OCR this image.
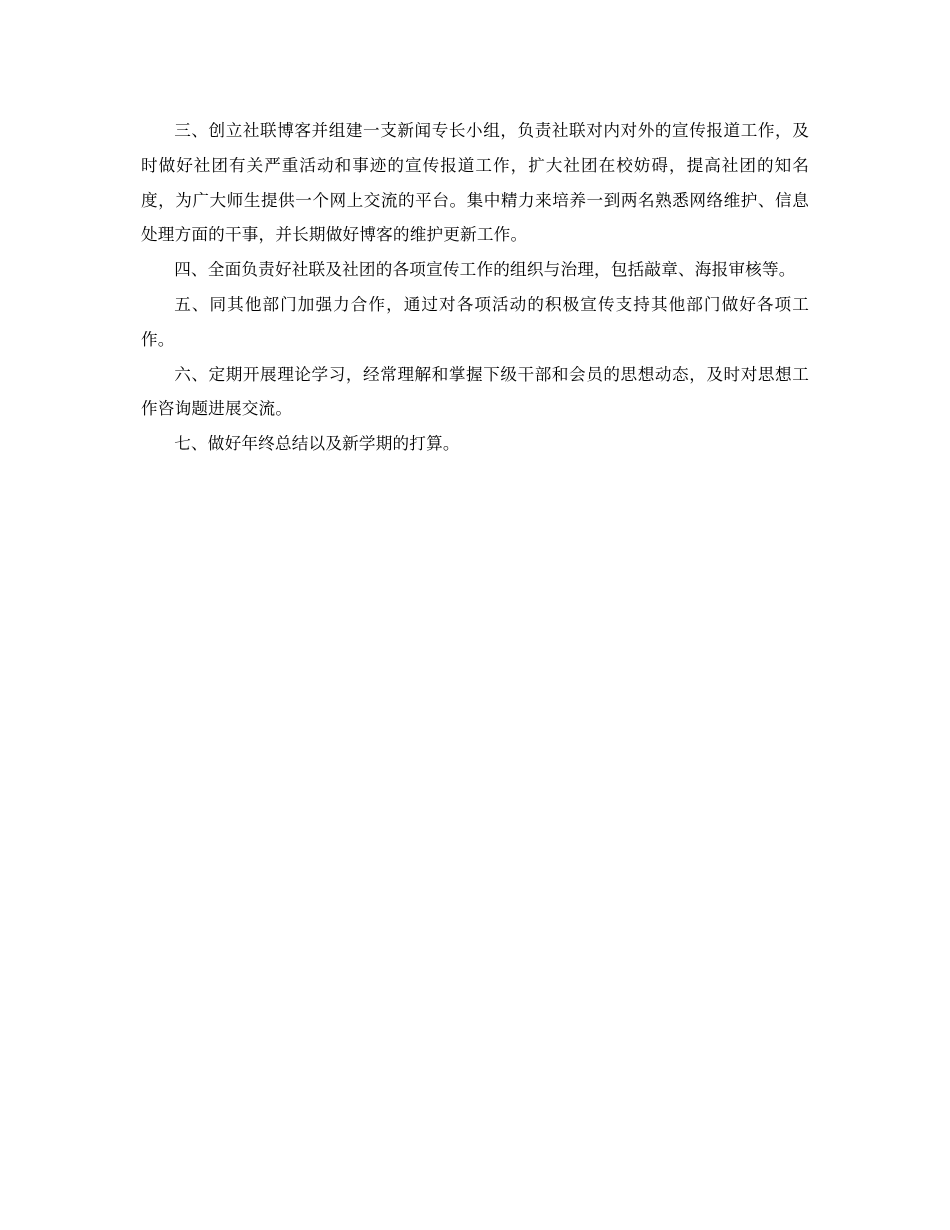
三、创立社联博客并组建一支新闻专长小组，负责社联对内对外的宣传报道工作，及时做好社团有关严重活动和事迹的宣传报道工作，扩大社团在校妨碍，提高社团的知名度，为广大师生提供一个网上交流的平台。集中精力来培养一到两名熟悉网络维护、信息处理方面的干事，并长期做好博客的维护更新工作。

四、全面负责好社联及社团的各项宣传工作的组织与治理，包括敲章、海报审核等。

五、同其他部门加强力合作，通过对各项活动的积极宣传支持其他部门做好各项工作。

六、定期开展理论学习，经常理解和掌握下级干部和会员的思想动态，及时对思想工作咨询题进展交流。

七、做好年终总结以及新学期的打算。
